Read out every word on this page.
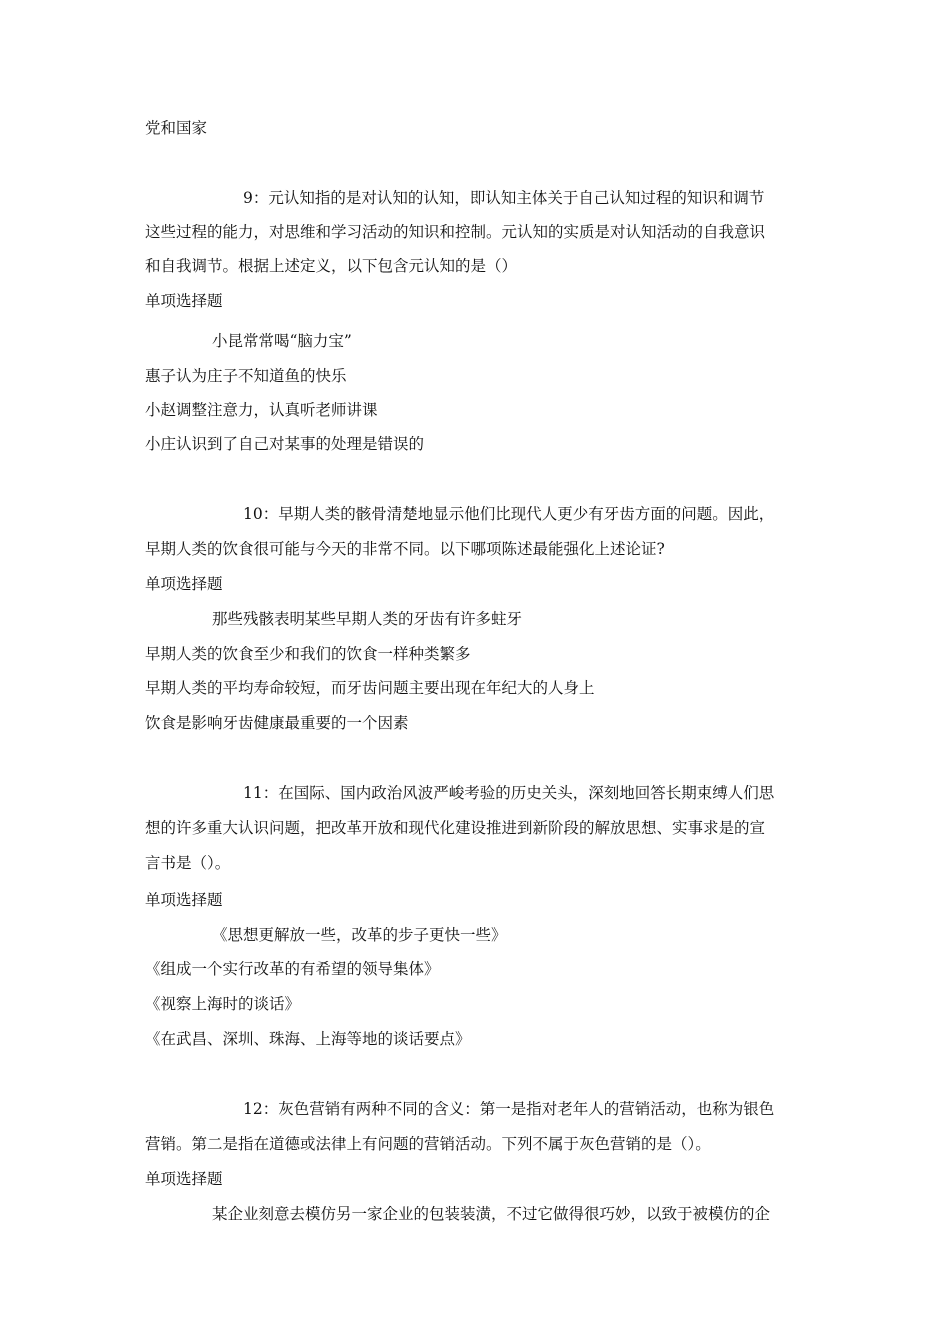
党和国家
9：元认知指的是对认知的认知，即认知主体关于自己认知过程的知识和调节
这些过程的能力，对思维和学习活动的知识和控制。元认知的实质是对认知活动的自我意识
和自我调节。根据上述定义，以下包含元认知的是（）
单项选择题
小昆常常喝“脑力宝”
惠子认为庄子不知道鱼的快乐
小赵调整注意力，认真听老师讲课
小庄认识到了自己对某事的处理是错误的
10：早期人类的骸骨清楚地显示他们比现代人更少有牙齿方面的问题。因此，
早期人类的饮食很可能与今天的非常不同。以下哪项陈述最能强化上述论证?
单项选择题
那些残骸表明某些早期人类的牙齿有许多蛀牙
早期人类的饮食至少和我们的饮食一样种类繁多
早期人类的平均寿命较短，而牙齿问题主要出现在年纪大的人身上
饮食是影响牙齿健康最重要的一个因素
11：在国际、国内政治风波严峻考验的历史关头，深刻地回答长期束缚人们思
想的许多重大认识问题，把改革开放和现代化建设推进到新阶段的解放思想、实事求是的宣
言书是（）。
单项选择题
《思想更解放一些，改革的步子更快一些》
《组成一个实行改革的有希望的领导集体》
《视察上海时的谈话》
《在武昌、深圳、珠海、上海等地的谈话要点》
12：灰色营销有两种不同的含义：第一是指对老年人的营销活动，也称为银色
营销。第二是指在道德或法律上有问题的营销活动。下列不属于灰色营销的是（）。
单项选择题
某企业刻意去模仿另一家企业的包装装潢，不过它做得很巧妙，以致于被模仿的企
